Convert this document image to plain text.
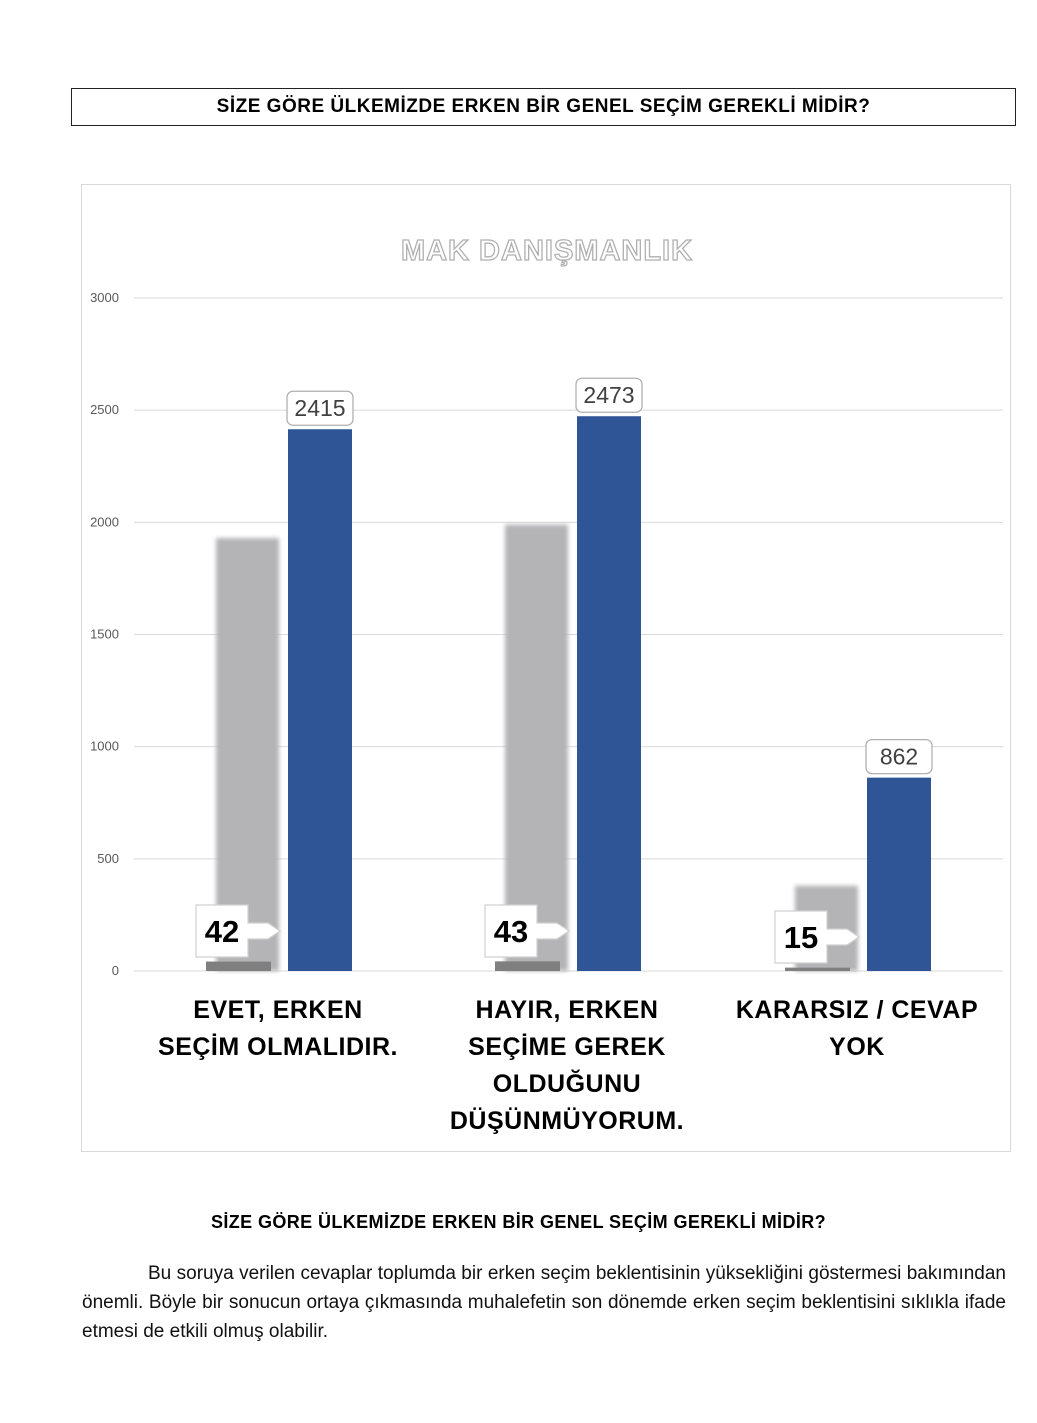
SİZE GÖRE ÜLKEMİZDE ERKEN BİR GENEL SEÇİM GEREKLİ MİDİR?
0
500
1000
1500
2000
2500
3000
2415
42
EVET, ERKEN
SEÇİM OLMALIDIR.
2473
43
HAYIR, ERKEN
SEÇİME GEREK
OLDUĞUNU
DÜŞÜNMÜYORUM.
862
15
KARARSIZ / CEVAP
YOK
MAK DANIŞMANLIK
SİZE GÖRE ÜLKEMİZDE ERKEN BİR GENEL SEÇİM GEREKLİ MİDİR?
Bu soruya verilen cevaplar toplumda bir erken seçim beklentisinin yüksekliğini göstermesi bakımından önemli. Böyle bir sonucun ortaya çıkmasında muhalefetin son dönemde erken seçim beklentisini sıklıkla ifade etmesi de etkili olmuş olabilir.
